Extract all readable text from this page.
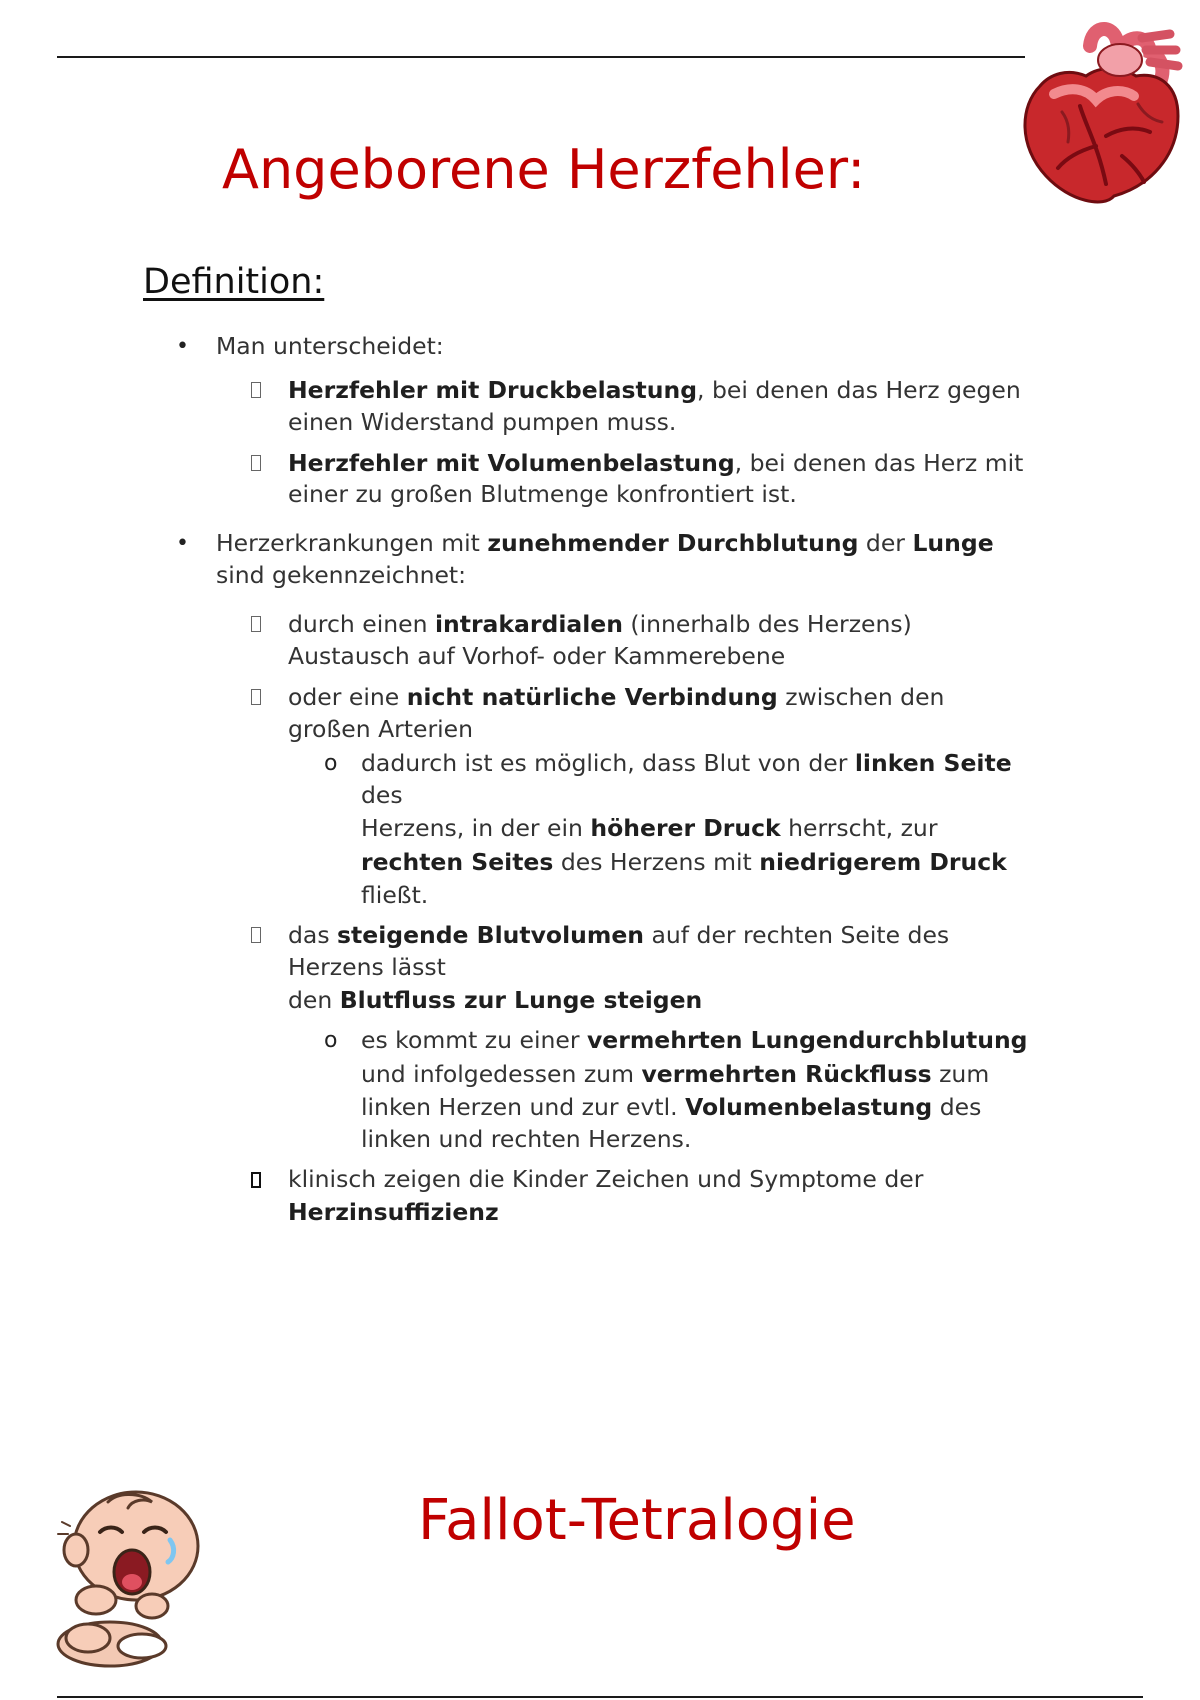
Angeborene Herzfehler:
Definition:
• Man unterscheidet:
Herzfehler mit Druckbelastung, bei denen das Herz gegen
einen Widerstand pumpen muss.
Herzfehler mit Volumenbelastung, bei denen das Herz mit
einer zu großen Blutmenge konfrontiert ist.
• Herzerkrankungen mit zunehmender Durchblutung der Lunge
sind gekennzeichnet:
durch einen intrakardialen (innerhalb des Herzens)
Austausch auf Vorhof- oder Kammerebene
oder eine nicht natürliche Verbindung zwischen den
großen Arterien
o dadurch ist es möglich, dass Blut von der linken Seite
des
Herzens, in der ein höherer Druck herrscht, zur
rechten Seites des Herzens mit niedrigerem Druck
fließt.
das steigende Blutvolumen auf der rechten Seite des
Herzens lässt
den Blutfluss zur Lunge steigen
o es kommt zu einer vermehrten Lungendurchblutung
und infolgedessen zum vermehrten Rückfluss zum
linken Herzen und zur evtl. Volumenbelastung des
linken und rechten Herzens.
klinisch zeigen die Kinder Zeichen und Symptome der
Herzinsuffizienz
Fallot-Tetralogie
